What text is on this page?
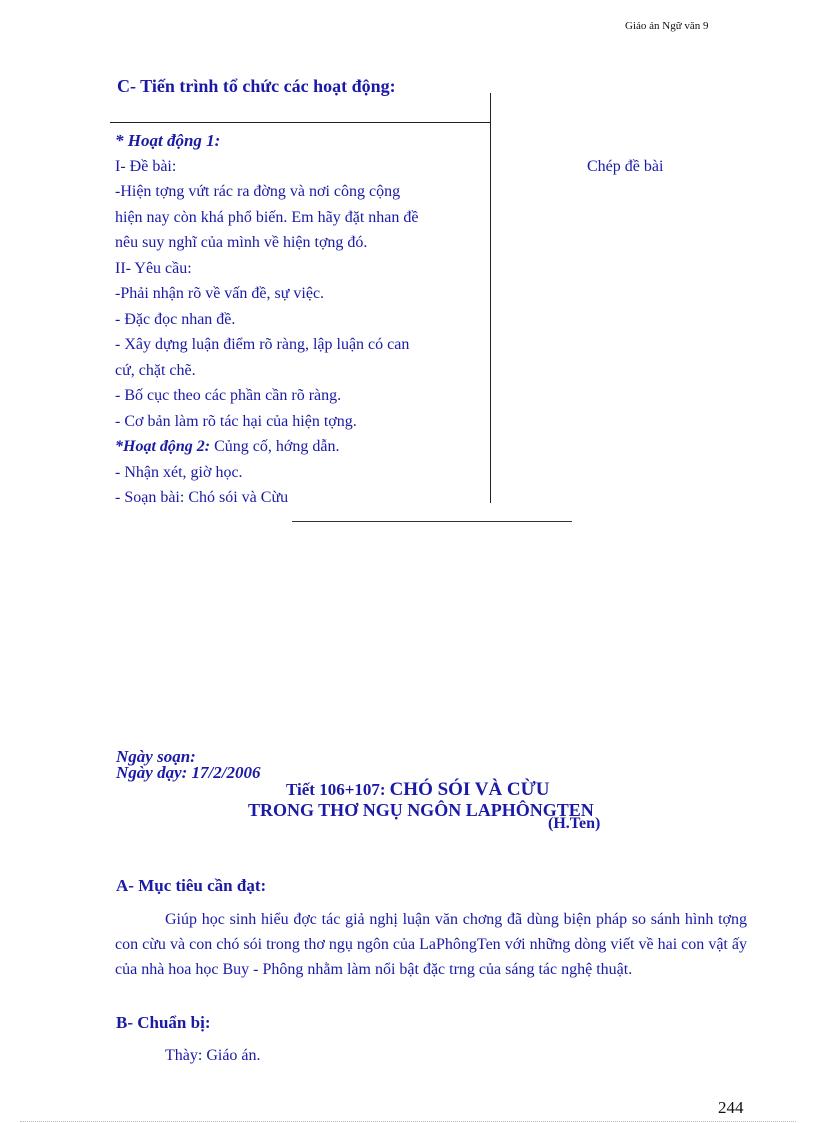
Giáo án Ngữ văn 9
C- Tiến trình tổ chức các hoạt động:
Chép đề bài
* Hoạt động 1:
I- Đề bài:
-Hiện tợng vứt rác ra đờng và nơi công cộng
hiện nay còn khá phổ biến. Em hãy đặt nhan đề
nêu suy nghĩ của mình về hiện tợng đó.
II- Yêu cầu:
-Phải nhận rõ về vấn đề, sự việc.
- Đặc đọc nhan đề.
- Xây dựng luận điểm rõ ràng, lập luận có can
cứ, chặt chẽ.
- Bố cục theo các phần cần rõ ràng.
- Cơ bản làm rõ tác hại của hiện tợng.
*Hoạt động 2: Củng cố, hớng dẫn.
- Nhận xét, giờ học.
- Soạn bài: Chó sói và Cừu
Ngày soạn:
Ngày dạy: 17/2/2006
Tiết 106+107: CHÓ SÓI VÀ CỪU
TRONG THƠ NGỤ NGÔN LAPHÔNGTEN
(H.Ten)
A- Mục tiêu cần đạt:
Giúp học sinh hiểu đợc tác giả nghị luận văn chơng đã dùng biện pháp so sánh hình tợng con cừu và con chó sói trong thơ ngụ ngôn của LaPhôngTen với những dòng viết về hai con vật ấy của nhà hoa học Buy - Phông nhằm làm nổi bật đặc trng của sáng tác nghệ thuật.
B- Chuẩn bị:
Thày: Giáo án.
244
